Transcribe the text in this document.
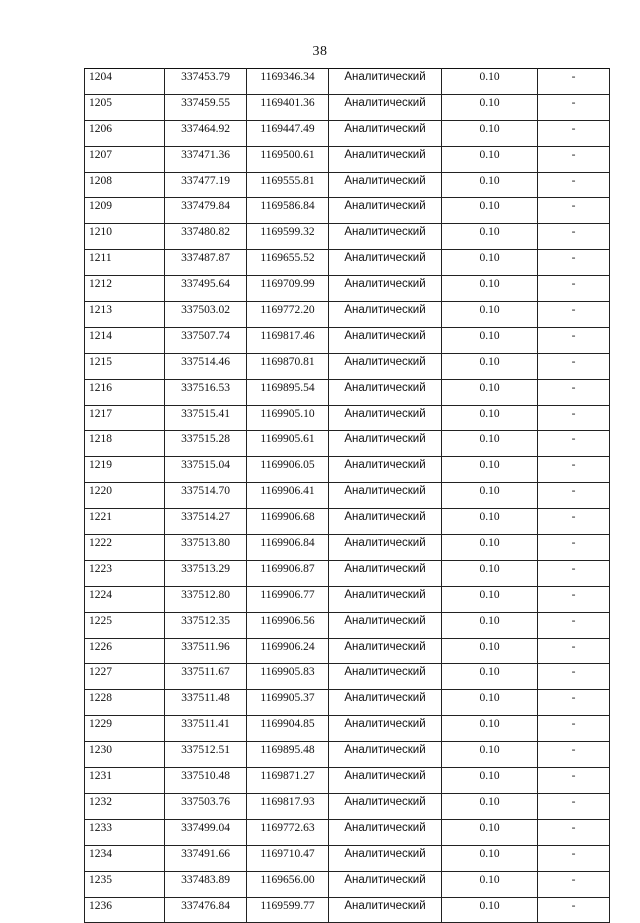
38
1204	337453.79	1169346.34	Аналитический	0.10	-
1205	337459.55	1169401.36	Аналитический	0.10	-
1206	337464.92	1169447.49	Аналитический	0.10	-
1207	337471.36	1169500.61	Аналитический	0.10	-
1208	337477.19	1169555.81	Аналитический	0.10	-
1209	337479.84	1169586.84	Аналитический	0.10	-
1210	337480.82	1169599.32	Аналитический	0.10	-
1211	337487.87	1169655.52	Аналитический	0.10	-
1212	337495.64	1169709.99	Аналитический	0.10	-
1213	337503.02	1169772.20	Аналитический	0.10	-
1214	337507.74	1169817.46	Аналитический	0.10	-
1215	337514.46	1169870.81	Аналитический	0.10	-
1216	337516.53	1169895.54	Аналитический	0.10	-
1217	337515.41	1169905.10	Аналитический	0.10	-
1218	337515.28	1169905.61	Аналитический	0.10	-
1219	337515.04	1169906.05	Аналитический	0.10	-
1220	337514.70	1169906.41	Аналитический	0.10	-
1221	337514.27	1169906.68	Аналитический	0.10	-
1222	337513.80	1169906.84	Аналитический	0.10	-
1223	337513.29	1169906.87	Аналитический	0.10	-
1224	337512.80	1169906.77	Аналитический	0.10	-
1225	337512.35	1169906.56	Аналитический	0.10	-
1226	337511.96	1169906.24	Аналитический	0.10	-
1227	337511.67	1169905.83	Аналитический	0.10	-
1228	337511.48	1169905.37	Аналитический	0.10	-
1229	337511.41	1169904.85	Аналитический	0.10	-
1230	337512.51	1169895.48	Аналитический	0.10	-
1231	337510.48	1169871.27	Аналитический	0.10	-
1232	337503.76	1169817.93	Аналитический	0.10	-
1233	337499.04	1169772.63	Аналитический	0.10	-
1234	337491.66	1169710.47	Аналитический	0.10	-
1235	337483.89	1169656.00	Аналитический	0.10	-
1236	337476.84	1169599.77	Аналитический	0.10	-
